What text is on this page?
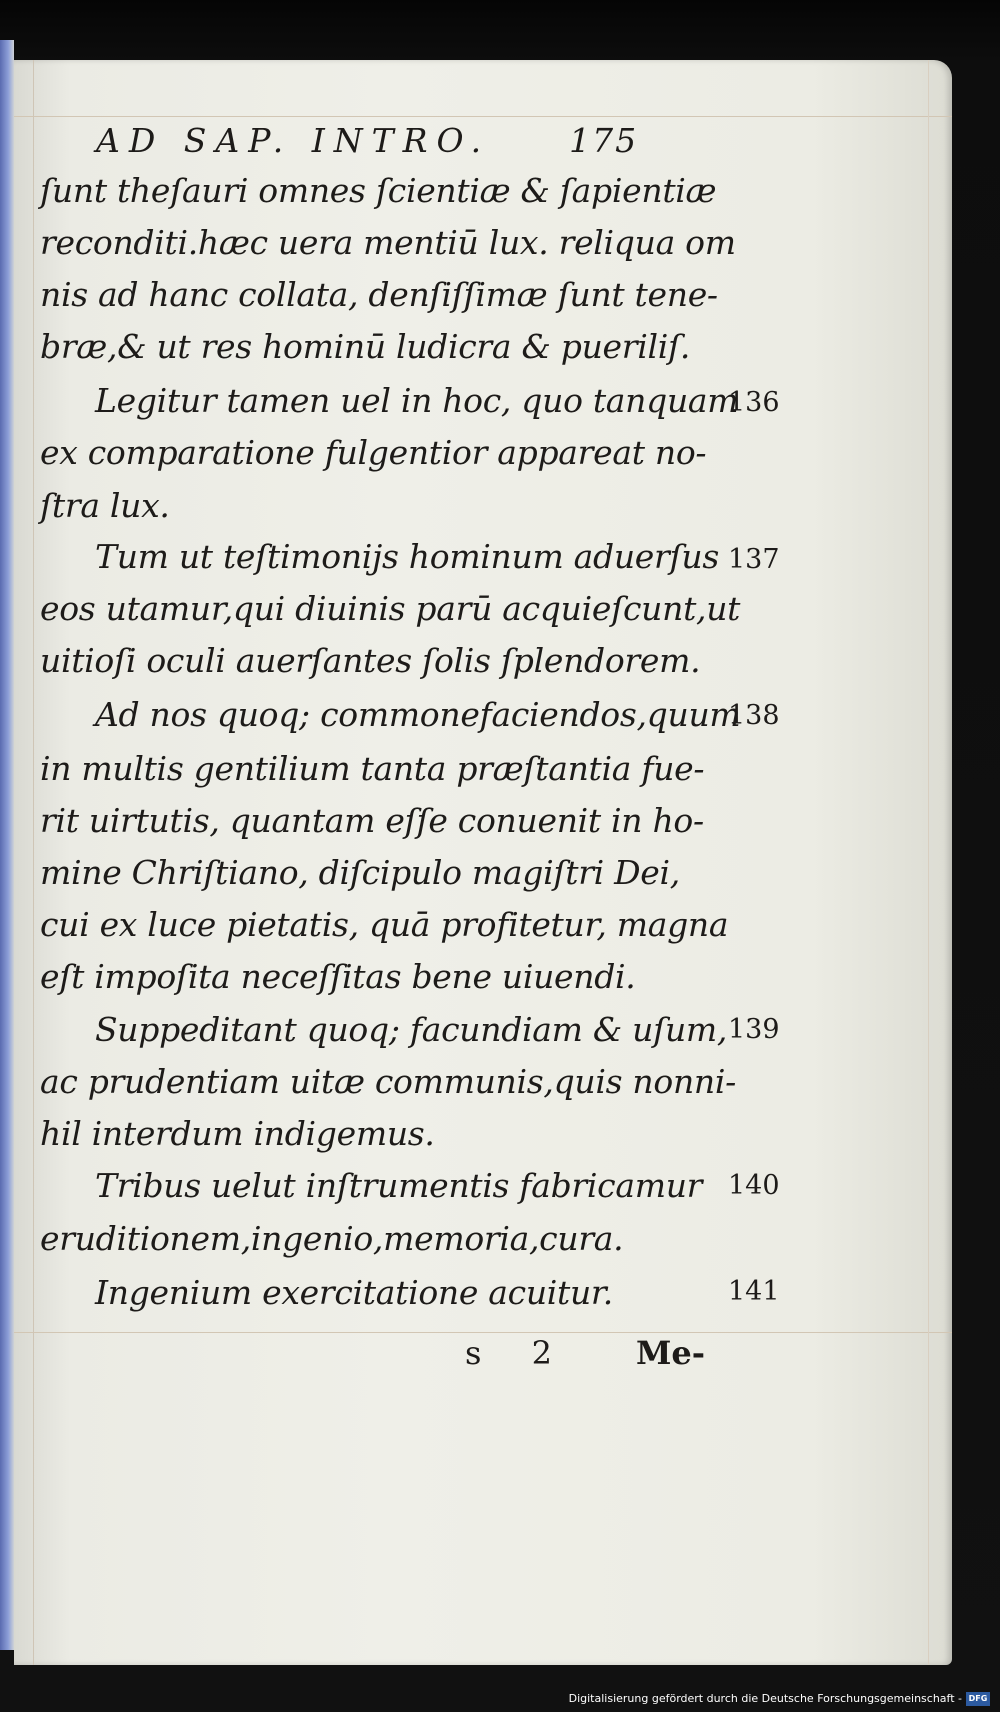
AD SAP. INTRO. 175
ſunt theſauri omnes ſcientiæ & ſapientiæ
reconditi.hæc uera mentiū lux. reliqua om
nis ad hanc collata, denſiſſimæ ſunt tene-
bræ,& ut res hominū ludicra & pueriliſ.
Legitur tamen uel in hoc, quo tanquam
136
ex comparatione fulgentior appareat no-
ſtra lux.
Tum ut teſtimonijs hominum aduerſus 137
eos utamur,qui diuinis parū acquieſcunt,ut
uitioſi oculi auerſantes ſolis ſplendorem.
Ad nos quoq; commonefaciendos,quum
138
in multis gentilium tanta præſtantia fue-
rit uirtutis, quantam eſſe conuenit in ho-
mine Chriſtiano, diſcipulo magiſtri Dei,
cui ex luce pietatis, quā profitetur, magna
eſt impoſita neceſſitas bene uiuendi.
Suppeditant quoq; facundiam & uſum, 139
ac prudentiam uitæ communis,quis nonni-
hil interdum indigemus.
Tribus uelut inſtrumentis fabricamur 140
eruditionem,ingenio,memoria,cura.
Ingenium exercitatione acuitur.	141
s 2 Me-
Digitalisierung gefördert durch die Deutsche Forschungsgemeinschaft - DFG
